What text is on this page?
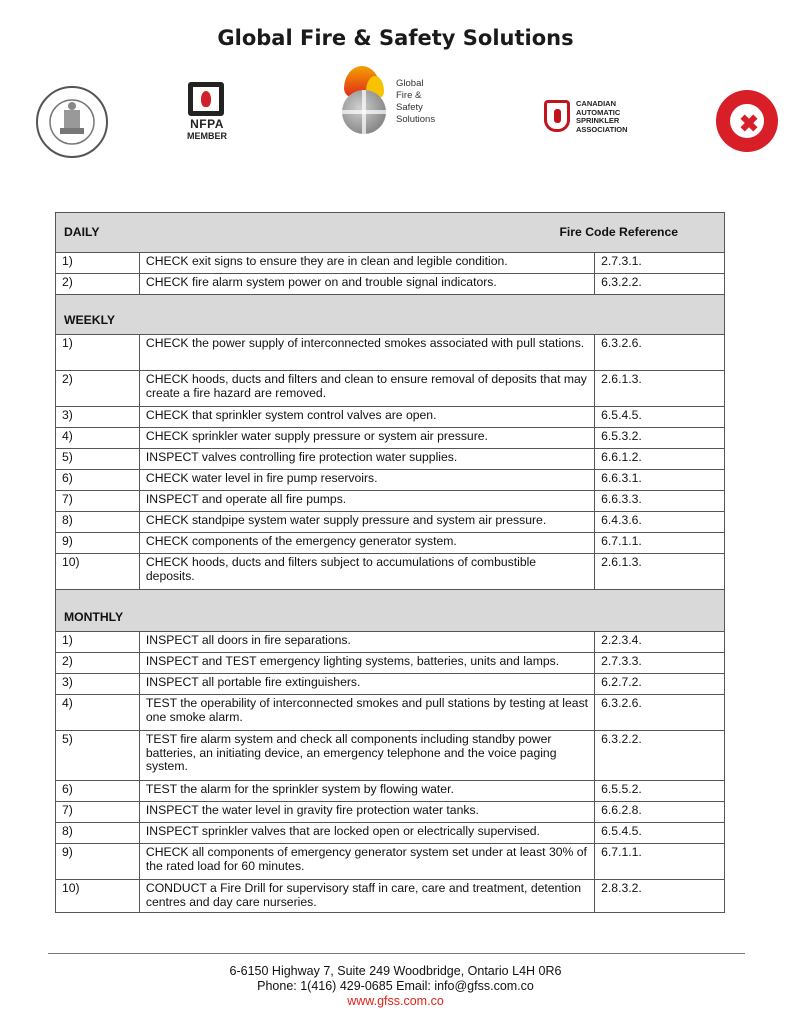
Global Fire & Safety Solutions
NFPA
MEMBER
Global
Fire &
Safety
Solutions
CANADIAN
AUTOMATIC
SPRINKLER
ASSOCIATION
DAILY Fire Code Reference		

1)	CHECK exit signs to ensure they are in clean and legible condition.	2.7.3.1.
2)	CHECK fire alarm system power on and trouble signal indicators.	6.3.2.2.
WEEKLY		
1)	CHECK the power supply of interconnected smokes associated with pull stations.	6.3.2.6.
2)	CHECK hoods, ducts and filters and clean to ensure removal of deposits that may create a fire hazard are removed.	2.6.1.3.
3)	CHECK that sprinkler system control valves are open.	6.5.4.5.
4)	CHECK sprinkler water supply pressure or system air pressure.	6.5.3.2.
5)	INSPECT valves controlling fire protection water supplies.	6.6.1.2.
6)	CHECK water level in fire pump reservoirs.	6.6.3.1.
7)	INSPECT and operate all fire pumps.	6.6.3.3.
8)	CHECK standpipe system water supply pressure and system air pressure.	6.4.3.6.
9)	CHECK components of the emergency generator system.	6.7.1.1.
10)	CHECK hoods, ducts and filters subject to accumulations of combustible deposits.	2.6.1.3.
MONTHLY		
1)	INSPECT all doors in fire separations.	2.2.3.4.
2)	INSPECT and TEST emergency lighting systems, batteries, units and lamps.	2.7.3.3.
3)	INSPECT all portable fire extinguishers.	6.2.7.2.
4)	TEST the operability of interconnected smokes and pull stations by testing at least one smoke alarm.	6.3.2.6.
5)	TEST fire alarm system and check all components including standby power batteries, an initiating device, an emergency telephone and the voice paging system.	6.3.2.2.
6)	TEST the alarm for the sprinkler system by flowing water.	6.5.5.2.
7)	INSPECT the water level in gravity fire protection water tanks.	6.6.2.8.
8)	INSPECT sprinkler valves that are locked open or electrically supervised.	6.5.4.5.
9)	CHECK all components of emergency generator system set under at least 30% of the rated load for 60 minutes.	6.7.1.1.
10)	CONDUCT a Fire Drill for supervisory staff in care, care and treatment, detention centres and day care nurseries.	2.8.3.2.
6-6150 Highway 7, Suite 249 Woodbridge, Ontario L4H 0R6
Phone: 1(416) 429-0685 Email: info@gfss.com.co
www.gfss.com.co
